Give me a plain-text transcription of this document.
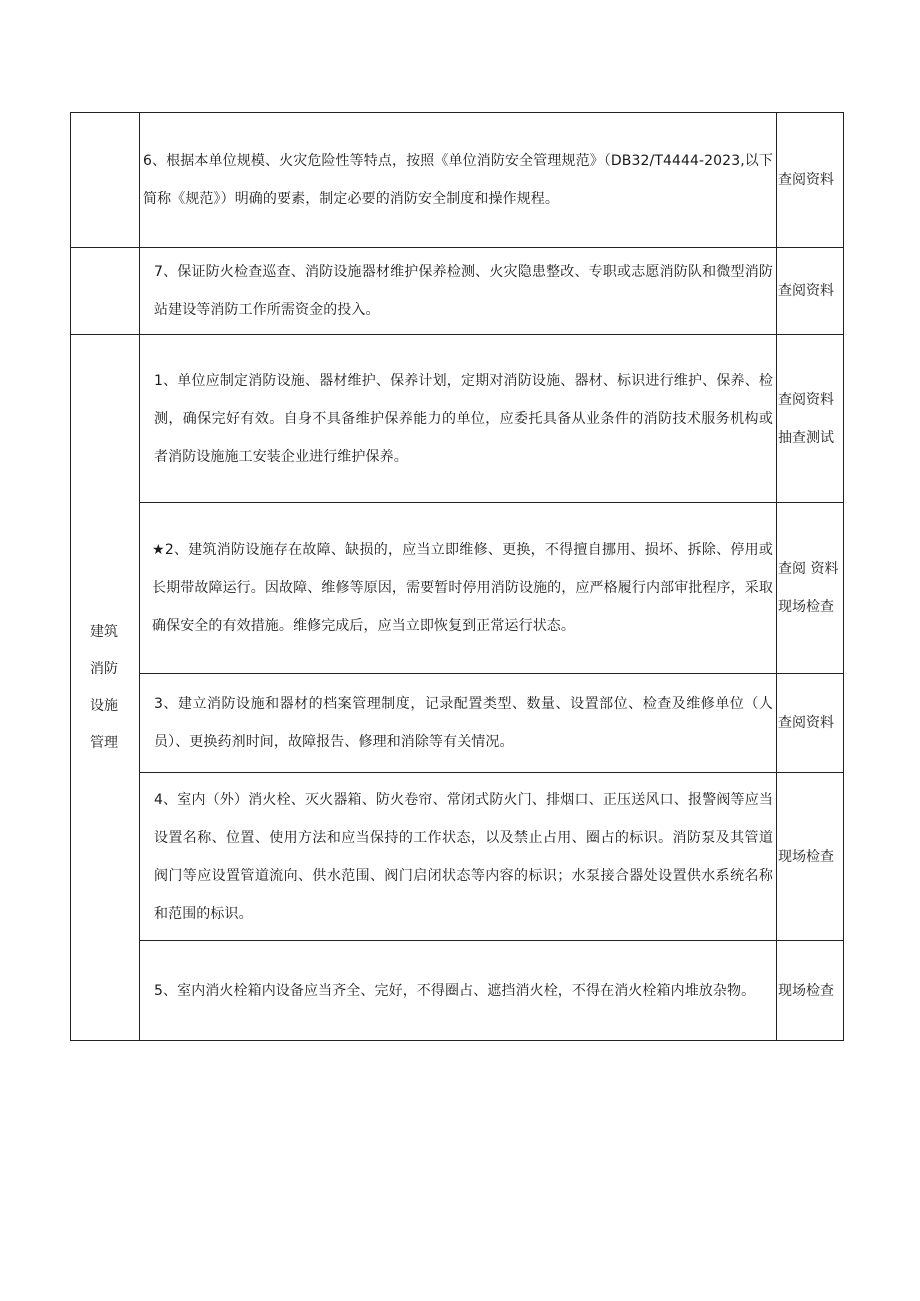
	6、根据本单位规模、火灾危险性等特点，按照《单位消防安全管理规范》（DB32/T4444-2023,以下简称《规范》）明确的要素，制定必要的消防安全制度和操作规程。	查阅资料

	7、保证防火检查巡查、消防设施器材维护保养检测、火灾隐患整改、专职或志愿消防队和微型消防站建设等消防工作所需资金的投入。	查阅资料

建筑消防设施管理	1、单位应制定消防设施、器材维护、保养计划，定期对消防设施、器材、标识进行维护、保养、检测，确保完好有效。自身不具备维护保养能力的单位，应委托具备从业条件的消防技术服务机构或者消防设施施工安装企业进行维护保养。	查阅资料抽查测试

	★2、建筑消防设施存在故障、缺损的，应当立即维修、更换，不得擅自挪用、损坏、拆除、停用或长期带故障运行。因故障、维修等原因，需要暂时停用消防设施的，应严格履行内部审批程序，采取确保安全的有效措施。维修完成后，应当立即恢复到正常运行状态。	查阅 资料现场检查

	3、建立消防设施和器材的档案管理制度，记录配置类型、数量、设置部位、检查及维修单位（人员）、更换药剂时间，故障报告、修理和消除等有关情况。	查阅资料

	4、室内（外）消火栓、灭火器箱、防火卷帘、常闭式防火门、排烟口、正压送风口、报警阀等应当设置名称、位置、使用方法和应当保持的工作状态，以及禁止占用、圈占的标识。消防泵及其管道阀门等应设置管道流向、供水范围、阀门启闭状态等内容的标识；水泵接合器处设置供水系统名称和范围的标识。	现场检查

	5、室内消火栓箱内设备应当齐全、完好，不得圈占、遮挡消火栓，不得在消火栓箱内堆放杂物。	现场检查
